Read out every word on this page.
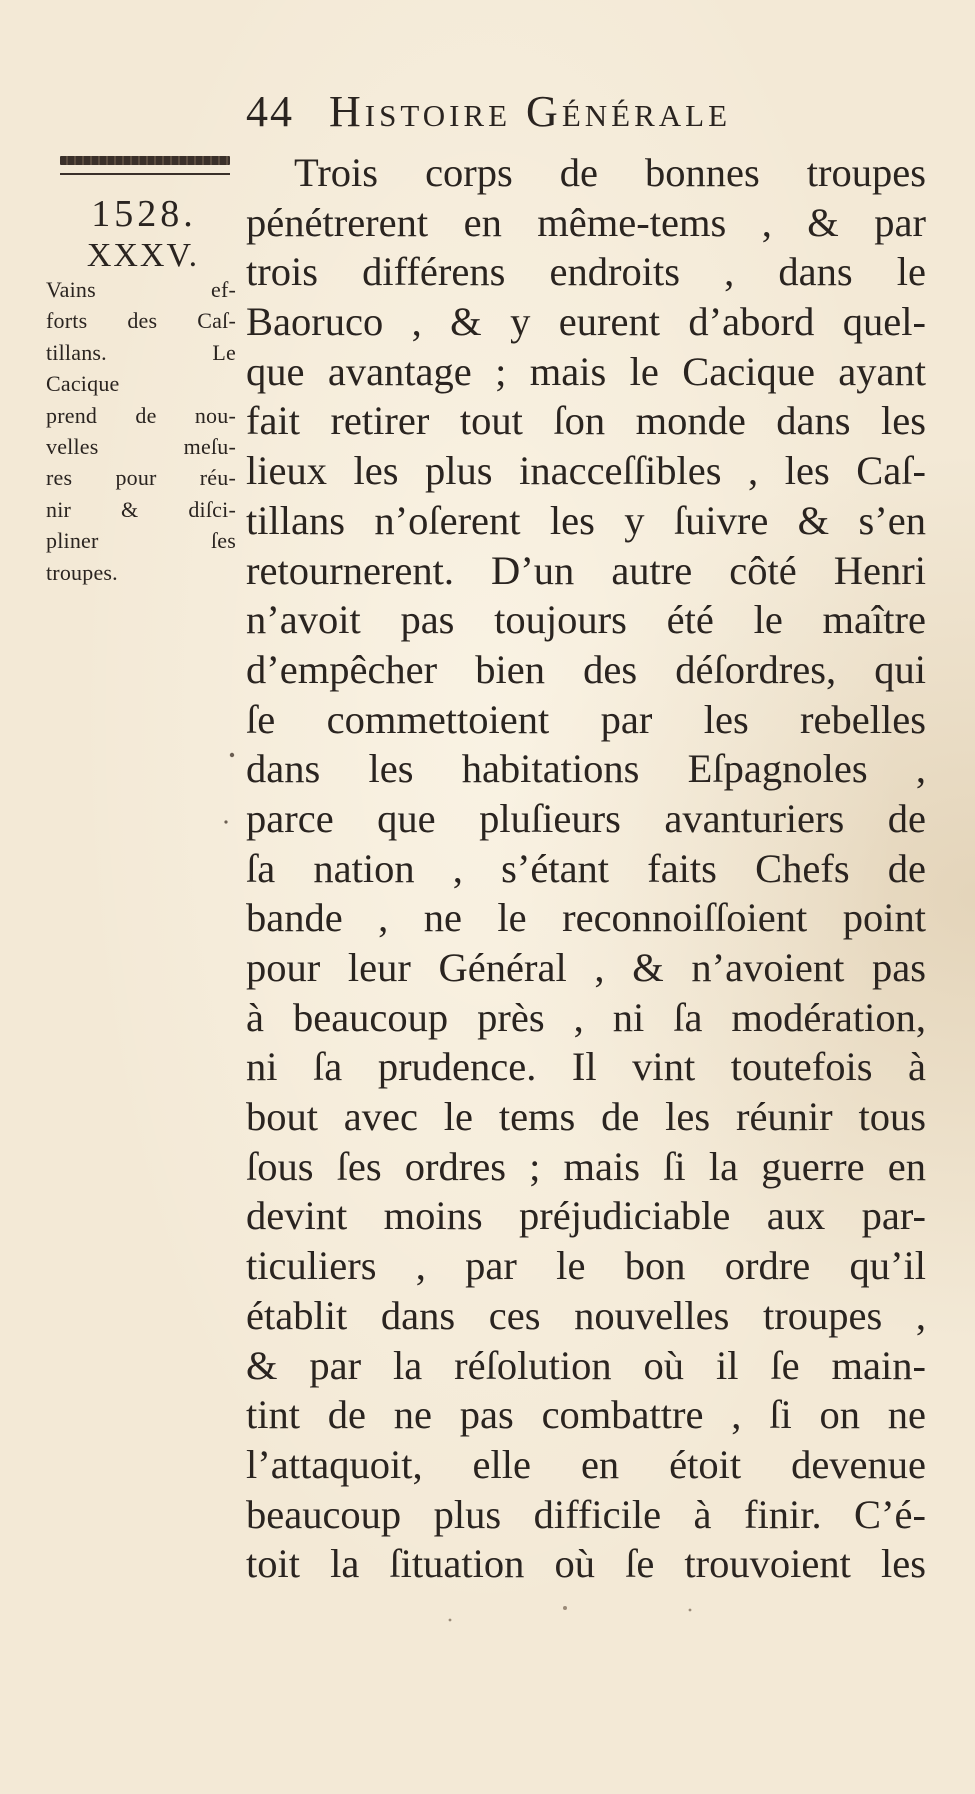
44 Histoire Générale
1528.
XXXV.
Vains ef-
forts des Caſ-
tillans. Le
Cacique
prend de nou-
velles meſu-
res pour réu-
nir & diſci-
pliner ſes
troupes.
Trois corps de bonnes troupes
pénétrerent en même-tems , & par
trois différens endroits , dans le
Baoruco , & y eurent d’abord quel-
que avantage ; mais le Cacique ayant
fait retirer tout ſon monde dans les
lieux les plus inacceſſibles , les Caſ-
tillans n’oſerent les y ſuivre & s’en
retournerent. D’un autre côté Henri
n’avoit pas toujours été le maître
d’empêcher bien des déſordres, qui
ſe commettoient par les rebelles
dans les habitations Eſpagnoles ,
parce que pluſieurs avanturiers de
ſa nation , s’étant faits Chefs de
bande , ne le reconnoiſſoient point
pour leur Général , & n’avoient pas
à beaucoup près , ni ſa modération,
ni ſa prudence. Il vint toutefois à
bout avec le tems de les réunir tous
ſous ſes ordres ; mais ſi la guerre en
devint moins préjudiciable aux par-
ticuliers , par le bon ordre qu’il
établit dans ces nouvelles troupes ,
& par la réſolution où il ſe main-
tint de ne pas combattre , ſi on ne
l’attaquoit, elle en étoit devenue
beaucoup plus difficile à finir. C’é-
toit la ſituation où ſe trouvoient les
